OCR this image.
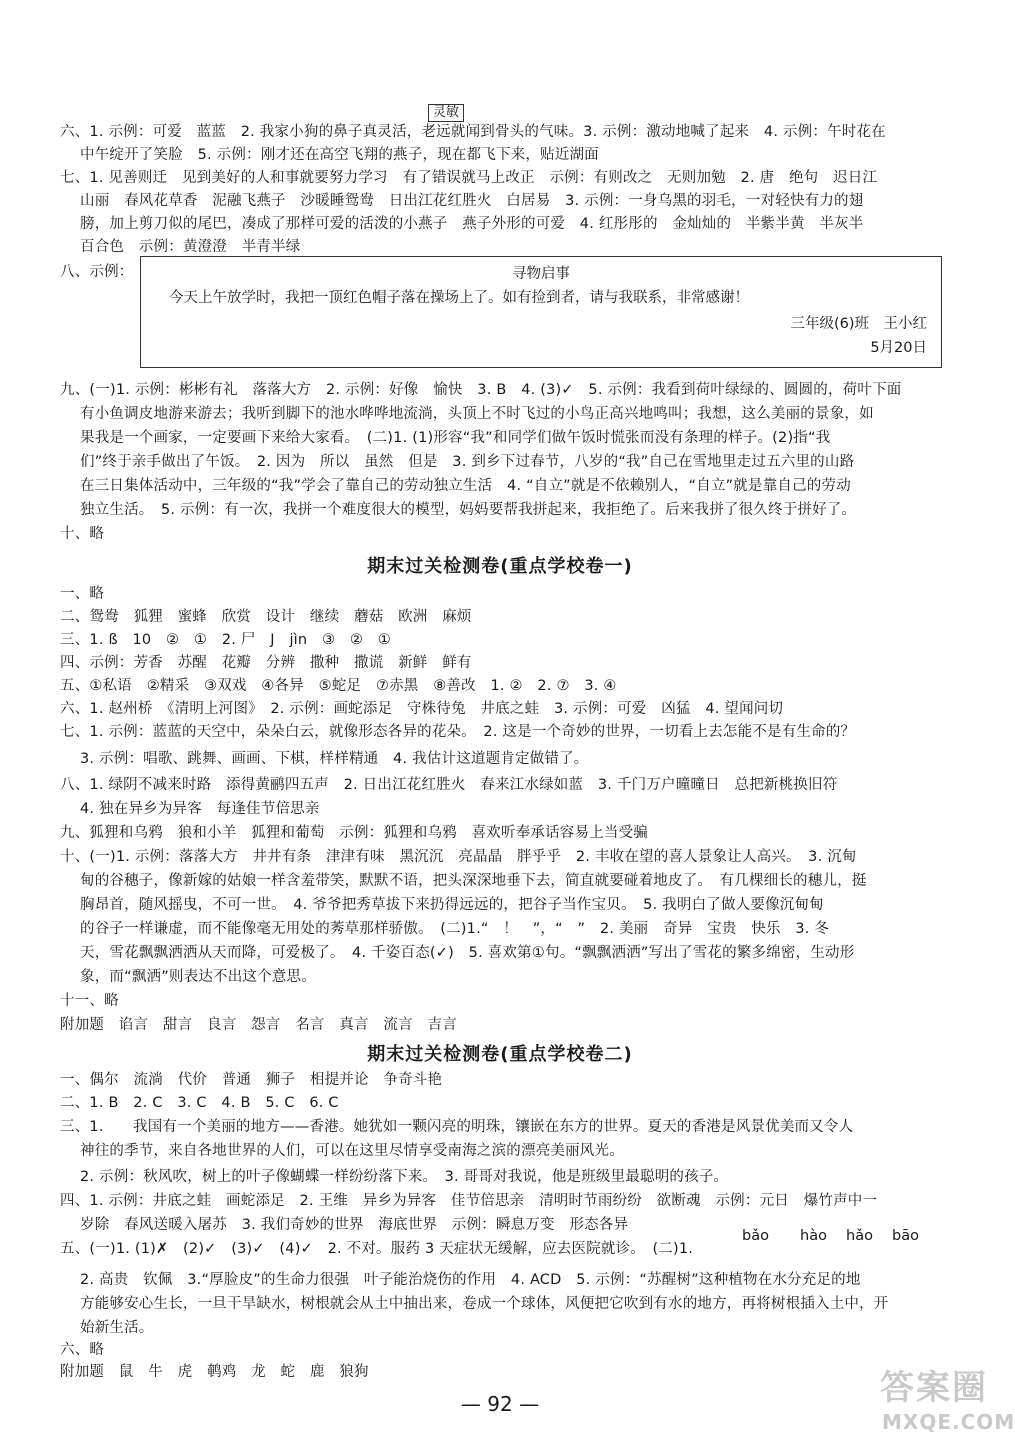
灵敏
六、1. 示例：可爱　蓝蓝　2. 我家小狗的鼻子真灵活，老远就闻到骨头的气味。3. 示例：激动地喊了起来　4. 示例：午时花在
中午绽开了笑脸　5. 示例：刚才还在高空飞翔的燕子，现在都飞下来，贴近湖面
七、1. 见善则迁　见到美好的人和事就要努力学习　有了错误就马上改正　示例：有则改之　无则加勉　2. 唐　绝句　迟日江
山丽　春风花草香　泥融飞燕子　沙暖睡鸳鸯　日出江花红胜火　白居易　3. 示例：一身乌黑的羽毛，一对轻快有力的翅
膀，加上剪刀似的尾巴，凑成了那样可爱的活泼的小燕子　燕子外形的可爱　4. 红彤彤的　金灿灿的　半紫半黄　半灰半
百合色　示例：黄澄澄　半青半绿
八、示例：	寻物启事
今天上午放学时，我把一顶红色帽子落在操场上了。如有捡到者，请与我联系，非常感谢！
三年级(6)班　王小红
5月20日
九、(一)1. 示例：彬彬有礼　落落大方　2. 示例：好像　愉快　3. B　4. (3)✓　5. 示例：我看到荷叶绿绿的、圆圆的，荷叶下面
有小鱼调皮地游来游去；我听到脚下的池水哗哗地流淌，头顶上不时飞过的小鸟正高兴地鸣叫；我想，这么美丽的景象，如
果我是一个画家，一定要画下来给大家看。　(二)1. (1)形容“我”和同学们做午饭时慌张而没有条理的样子。(2)指“我
们”终于亲手做出了午饭。　2. 因为　所以　虽然　但是　3. 到乡下过春节，八岁的“我”自己在雪地里走过五六里的山路
在三日集体活动中，三年级的“我”学会了靠自己的劳动独立生活　4. “自立”就是不依赖别人，“自立”就是靠自己的劳动
独立生活。　5. 示例：有一次，我拼一个难度很大的模型，妈妈要帮我拼起来，我拒绝了。后来我拼了很久终于拼好了。
十、略
期末过关检测卷(重点学校卷一)
一、略
二、鸳鸯　狐狸　蜜蜂　欣赏　设计　继续　蘑菇　欧洲　麻烦
三、1. ß　10　②　①　2. 尸　J　jìn　③　②　①
四、示例：芳香　苏醒　花瓣　分辨　撒种　撒谎　新鲜　鲜有
五、①私语　②精采　③双戏　④各异　⑤蛇足　⑦赤黑　⑧善改　1. ②　2. ⑦　3. ④
六、1. 赵州桥　《清明上河图》　2. 示例：画蛇添足　守株待兔　井底之蛙　3. 示例：可爱　凶猛　4. 望闻问切
七、1. 示例：蓝蓝的天空中，朵朵白云，就像形态各异的花朵。　2. 这是一个奇妙的世界，一切看上去怎能不是有生命的？
3. 示例：唱歌、跳舞、画画、下棋，样样精通　4. 我估计这道题肯定做错了。
八、1. 绿阴不减来时路　添得黄鹂四五声　2. 日出江花红胜火　春来江水绿如蓝　3. 千门万户曈曈日　总把新桃换旧符
4. 独在异乡为异客　每逢佳节倍思亲
九、狐狸和乌鸦　狼和小羊　狐狸和葡萄　示例：狐狸和乌鸦　喜欢听奉承话容易上当受骗
十、(一)1. 示例：落落大方　井井有条　津津有味　黑沉沉　亮晶晶　胖乎乎　2. 丰收在望的喜人景象让人高兴。　3. 沉甸
甸的谷穗子，像新嫁的姑娘一样含羞带笑，默默不语，把头深深地垂下去，简直就要碰着地皮了。　有几棵细长的穗儿，挺
胸昂首，随风摇曳，不可一世。　4. 爷爷把秀草拔下来扔得远远的，把谷子当作宝贝。　5. 我明白了做人要像沉甸甸
的谷子一样谦虚，而不能像毫无用处的莠草那样骄傲。　(二)1.“　！　”，“　”　2. 美丽　奇异　宝贵　快乐　3. 冬
天，雪花飘飘洒洒从天而降，可爱极了。　4. 千姿百态(✓)　5. 喜欢第①句。“飘飘洒洒”写出了雪花的繁多绵密，生动形
象，而“飘洒”则表达不出这个意思。
十一、略
附加题　谄言　甜言　良言　怨言　名言　真言　流言　吉言
期末过关检测卷(重点学校卷二)
一、偶尔　流淌　代价　普通　狮子　相提并论　争奇斗艳
二、1. B　2. C　3. C　4. B　5. C　6. C
三、1.　　我国有一个美丽的地方——香港。她犹如一颗闪亮的明珠，镶嵌在东方的世界。夏天的香港是风景优美而又令人
神往的季节，来自各地世界的人们，可以在这里尽情享受南海之滨的漂亮美丽风光。
2. 示例：秋风吹，树上的叶子像蝴蝶一样纷纷落下来。　3. 哥哥对我说，他是班级里最聪明的孩子。
四、1. 示例：井底之蛙　画蛇添足　2. 王维　异乡为异客　佳节倍思亲　清明时节雨纷纷　欲断魂　示例：元日　爆竹声中一
岁除　春风送暖入屠苏　3. 我们奇妙的世界　海底世界　示例：瞬息万变　形态各异
五、(一)1. (1)✗　(2)✓　(3)✓　(4)✓　2. 不对。服药 3 天症状无缓解，应去医院就诊。　(二)1.
bǎo hào hǎo bāo
2. 高贵　钦佩　3.“厚脸皮”的生命力很强　叶子能治烧伤的作用　4. ACD　5. 示例：“苏醒树”这种植物在水分充足的地
方能够安心生长，一旦干旱缺水，树根就会从土中抽出来，卷成一个球体，风便把它吹到有水的地方，再将树根插入土中，开
始新生活。
六、略
附加题　鼠　牛　虎　鹌鸡　龙　蛇　鹿　狼狗
— 92 —	答案圈
MXQE.COM
